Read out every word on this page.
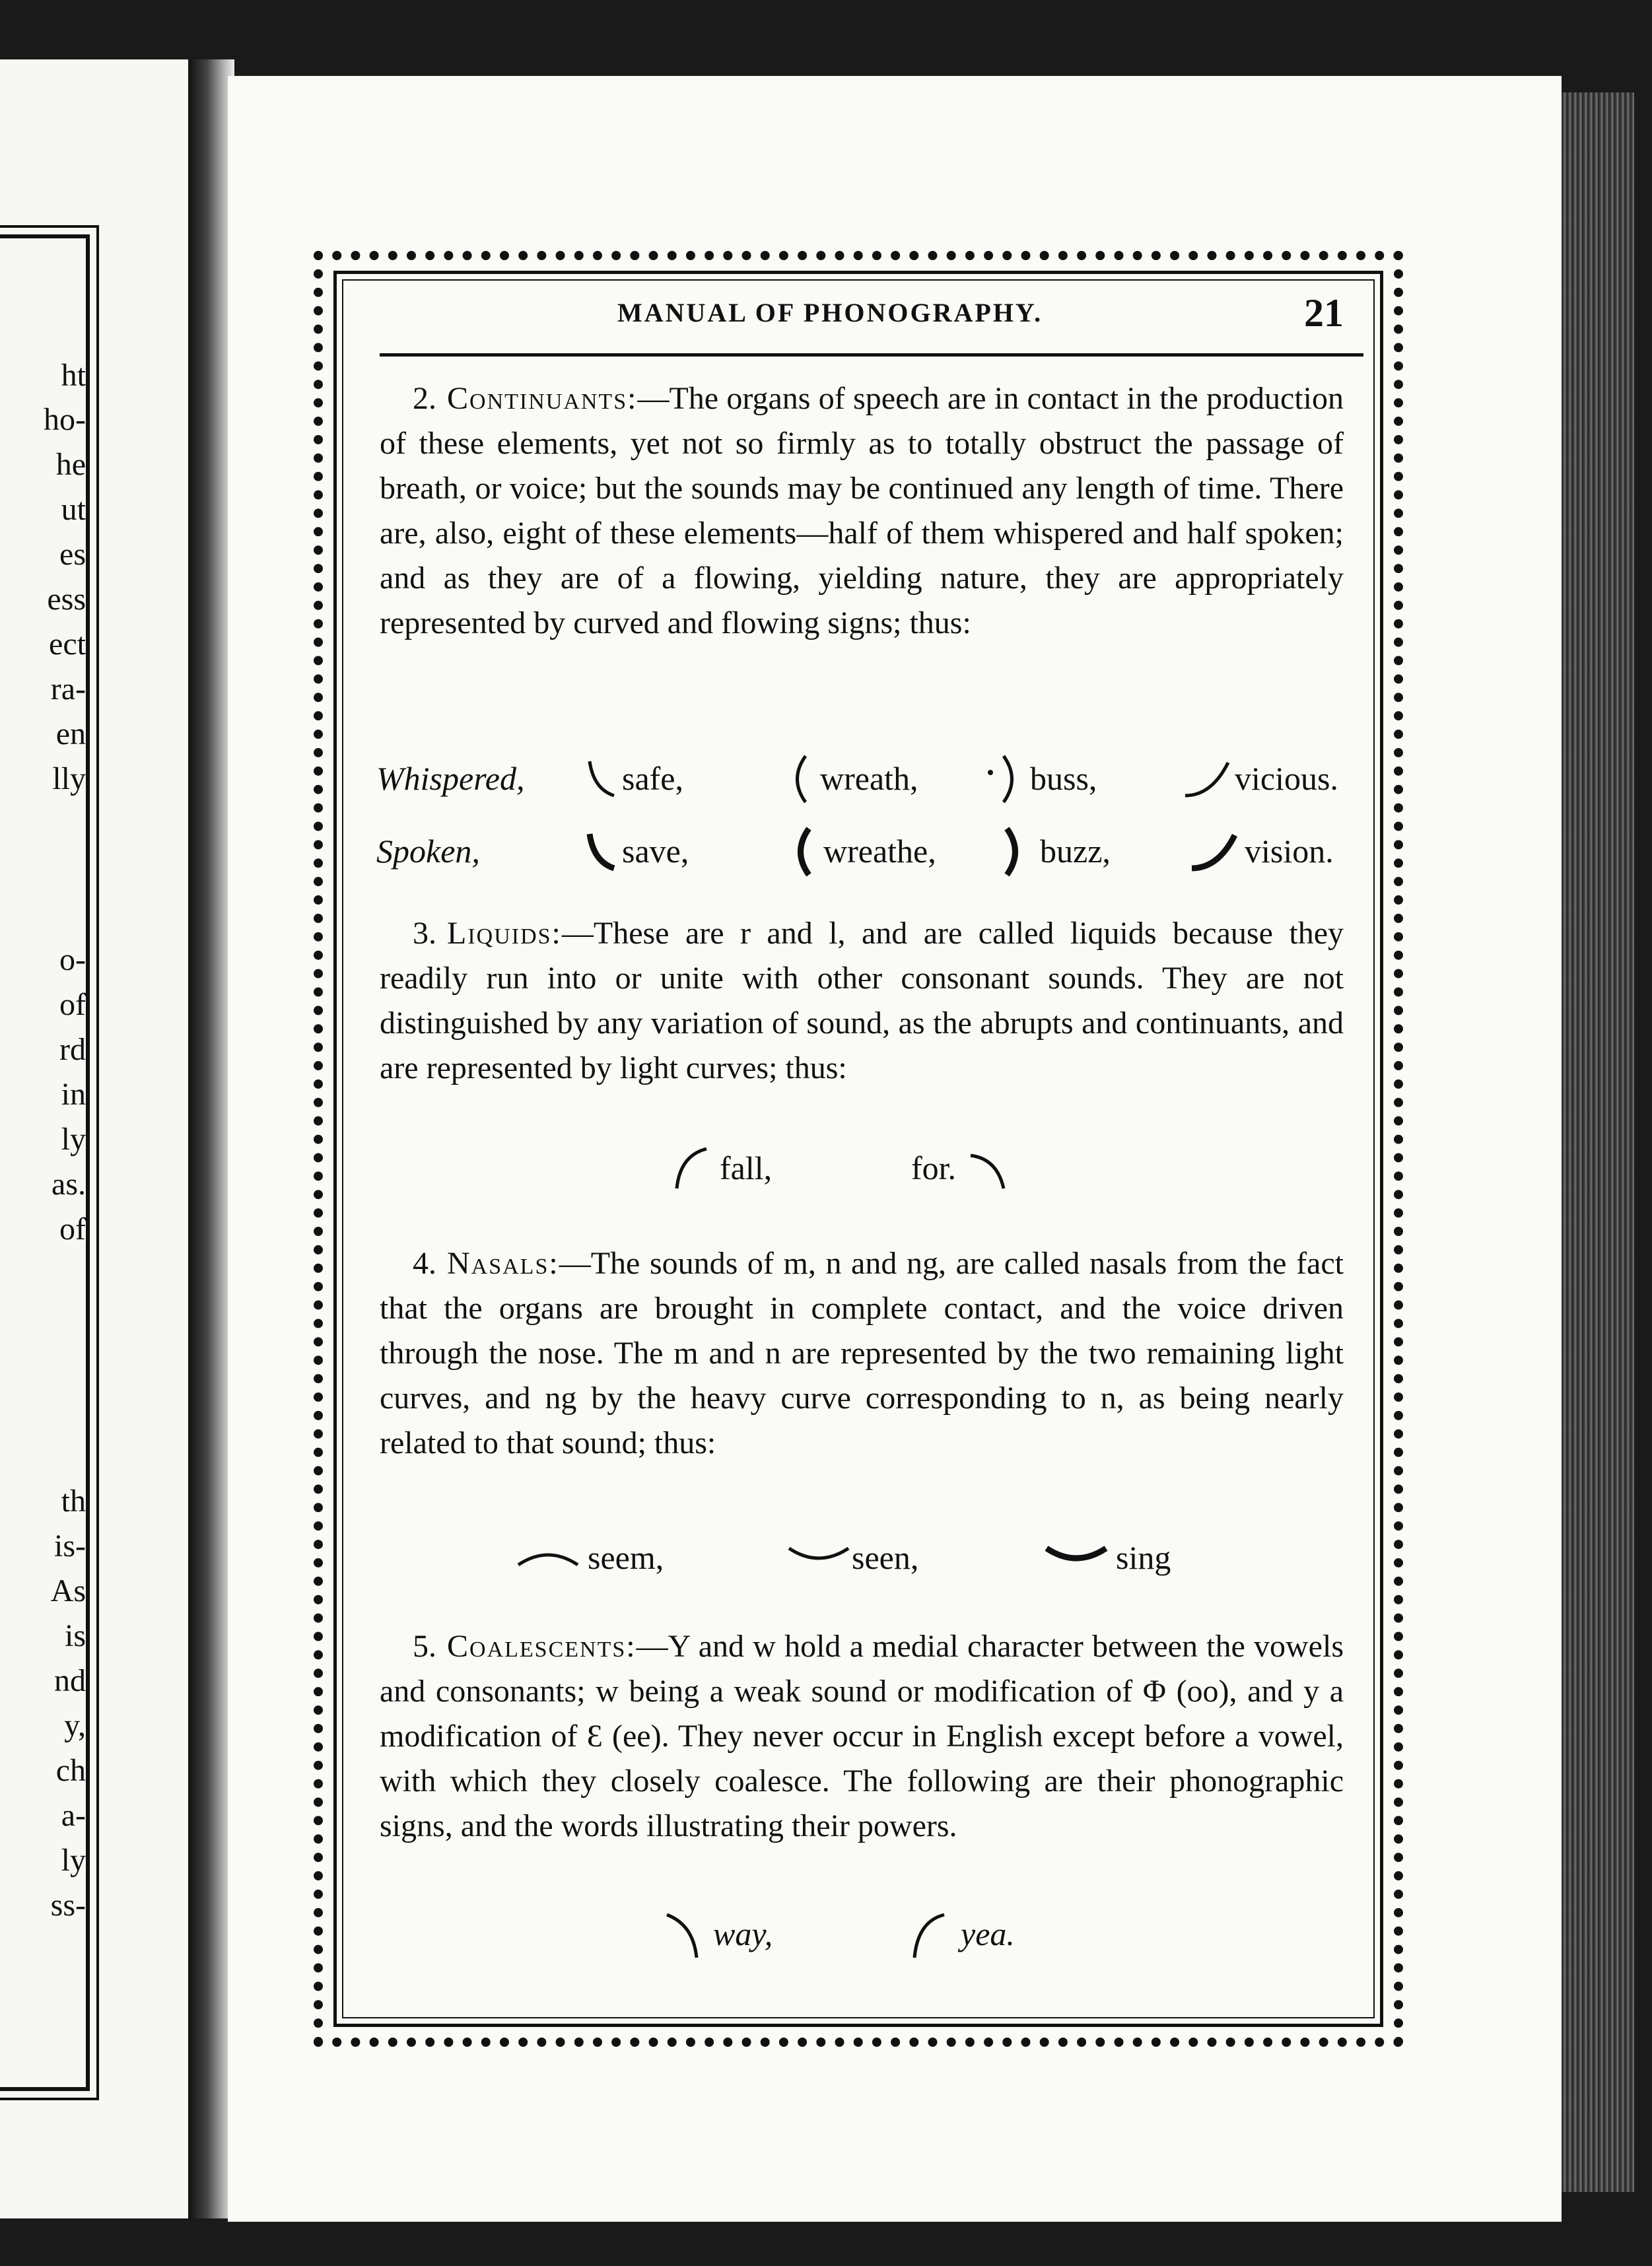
ht
ho-
he
ut
es
ess
ect
ra-
en
lly
o-
of
rd
in
ly
as.
of
th
is-
As
is
nd
y,
ch
a-
ly
ss-
MANUAL OF PHONOGRAPHY.	21
2. Continuants:—The organs of speech are in contact in the production of these elements, yet not so firmly as to totally obstruct the passage of breath, or voice; but the sounds may be continued any length of time. There are, also, eight of these elements—half of them whispered and half spoken; and as they are of a flowing, yielding nature, they are appropriately represented by curved and flowing signs; thus:
Whispered,	safe,	wreath,	buss,	vicious.
Spoken,	save,	wreathe,	buzz,	vision.
3. Liquids:—These are r and l, and are called liquids because they readily run into or unite with other consonant sounds. They are not distinguished by any variation of sound, as the abrupts and continuants, and are represented by light curves; thus:
fall,	for.
4. Nasals:—The sounds of m, n and ng, are called nasals from the fact that the organs are brought in complete contact, and the voice driven through the nose. The m and n are represented by the two remaining light curves, and ng by the heavy curve corresponding to n, as being nearly related to that sound; thus:
seem,	seen,	sing
5. Coalescents:—Y and w hold a medial character between the vowels and consonants; w being a weak sound or modification of Φ (oo), and y a modification of Ɛ (ee). They never occur in English except before a vowel, with which they closely coalesce. The following are their phonographic signs, and the words illustrating their powers.
way,	yea.
